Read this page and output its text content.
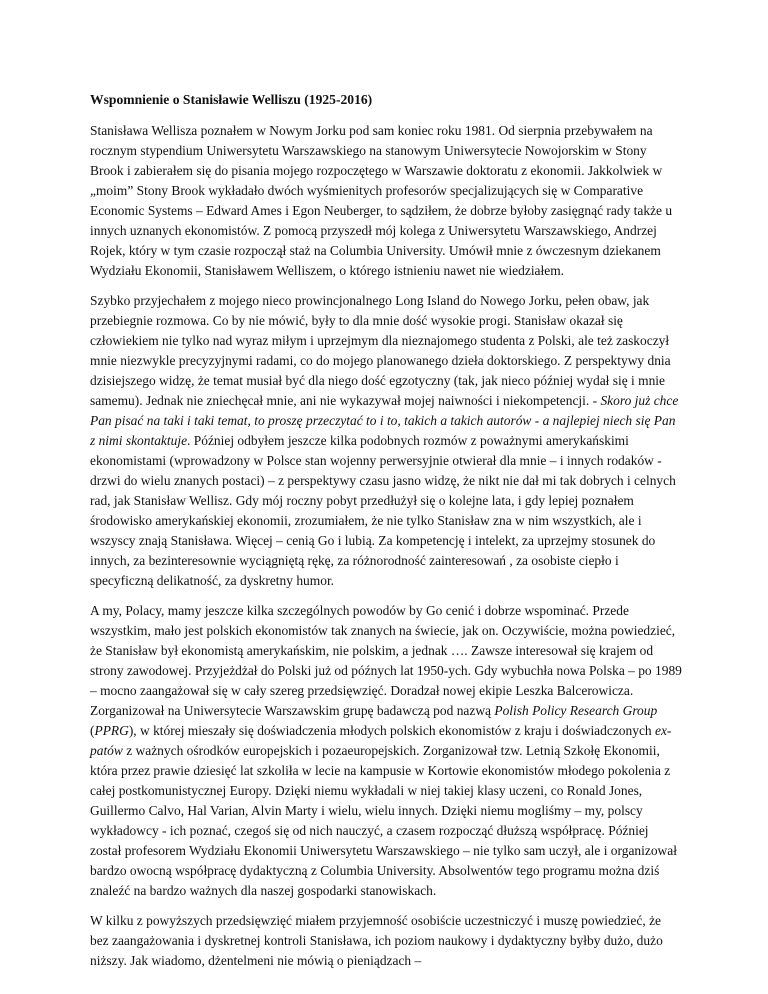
Wspomnienie o Stanisławie Welliszu (1925-2016)

Stanisława Wellisza poznałem w Nowym Jorku pod sam koniec roku 1981. Od sierpnia przebywałem na rocznym stypendium Uniwersytetu Warszawskiego na stanowym Uniwersytecie Nowojorskim w Stony Brook i zabierałem się do pisania mojego rozpoczętego w Warszawie doktoratu z ekonomii. Jakkolwiek w „moim” Stony Brook wykładało dwóch wyśmienitych profesorów specjalizujących się w Comparative Economic Systems – Edward Ames i Egon Neuberger, to sądziłem, że dobrze byłoby zasięgnąć rady także u innych uznanych ekonomistów. Z pomocą przyszedł mój kolega z Uniwersytetu Warszawskiego, Andrzej Rojek, który w tym czasie rozpoczął staż na Columbia University. Umówił mnie z ówczesnym dziekanem Wydziału Ekonomii, Stanisławem Welliszem, o którego istnieniu nawet nie wiedziałem.

Szybko przyjechałem z mojego nieco prowincjonalnego Long Island do Nowego Jorku, pełen obaw, jak przebiegnie rozmowa. Co by nie mówić, były to dla mnie dość wysokie progi. Stanisław okazał się człowiekiem nie tylko nad wyraz miłym i uprzejmym dla nieznajomego studenta z Polski, ale też zaskoczył mnie niezwykle precyzyjnymi radami, co do mojego planowanego dzieła doktorskiego. Z perspektywy dnia dzisiejszego widzę, że temat musiał być dla niego dość egzotyczny (tak, jak nieco później wydał się i mnie samemu). Jednak nie zniechęcał mnie, ani nie wykazywał mojej naiwności i niekompetencji. - Skoro już chce Pan pisać na taki i taki temat, to proszę przeczytać to i to, takich a takich autorów - a najlepiej niech się Pan z nimi skontaktuje. Później odbyłem jeszcze kilka podobnych rozmów z poważnymi amerykańskimi ekonomistami (wprowadzony w Polsce stan wojenny perwersyjnie otwierał dla mnie – i innych rodaków - drzwi do wielu znanych postaci) – z perspektywy czasu jasno widzę, że nikt nie dał mi tak dobrych i celnych rad, jak Stanisław Wellisz. Gdy mój roczny pobyt przedłużył się o kolejne lata, i gdy lepiej poznałem środowisko amerykańskiej ekonomii, zrozumiałem, że nie tylko Stanisław zna w nim wszystkich, ale i wszyscy znają Stanisława. Więcej – cenią Go i lubią. Za kompetencję i intelekt, za uprzejmy stosunek do innych, za bezinteresownie wyciągniętą rękę, za różnorodność zainteresowań , za osobiste ciepło i specyficzną delikatność, za dyskretny humor.

A my, Polacy, mamy jeszcze kilka szczególnych powodów by Go cenić i dobrze wspominać. Przede wszystkim, mało jest polskich ekonomistów tak znanych na świecie, jak on. Oczywiście, można powiedzieć, że Stanisław był ekonomistą amerykańskim, nie polskim, a jednak …. Zawsze interesował się krajem od strony zawodowej. Przyjeżdżał do Polski już od późnych lat 1950-ych. Gdy wybuchła nowa Polska – po 1989 – mocno zaangażował się w cały szereg przedsięwzięć. Doradzał nowej ekipie Leszka Balcerowicza. Zorganizował na Uniwersytecie Warszawskim grupę badawczą pod nazwą Polish Policy Research Group (PPRG), w której mieszały się doświadczenia młodych polskich ekonomistów z kraju i doświadczonych ex-patów z ważnych ośrodków europejskich i pozaeuropejskich. Zorganizował tzw. Letnią Szkołę Ekonomii, która przez prawie dziesięć lat szkoliła w lecie na kampusie w Kortowie ekonomistów młodego pokolenia z całej postkomunistycznej Europy. Dzięki niemu wykładali w niej takiej klasy uczeni, co Ronald Jones, Guillermo Calvo, Hal Varian, Alvin Marty i wielu, wielu innych. Dzięki niemu mogliśmy – my, polscy wykładowcy - ich poznać, czegoś się od nich nauczyć, a czasem rozpocząć dłuższą współpracę. Później został profesorem Wydziału Ekonomii Uniwersytetu Warszawskiego – nie tylko sam uczył, ale i organizował bardzo owocną współpracę dydaktyczną z Columbia University. Absolwentów tego programu można dziś znaleźć na bardzo ważnych dla naszej gospodarki stanowiskach.

W kilku z powyższych przedsięwzięć miałem przyjemność osobiście uczestniczyć i muszę powiedzieć, że bez zaangażowania i dyskretnej kontroli Stanisława, ich poziom naukowy i dydaktyczny byłby dużo, dużo niższy. Jak wiadomo, dżentelmeni nie mówią o pieniądzach –
